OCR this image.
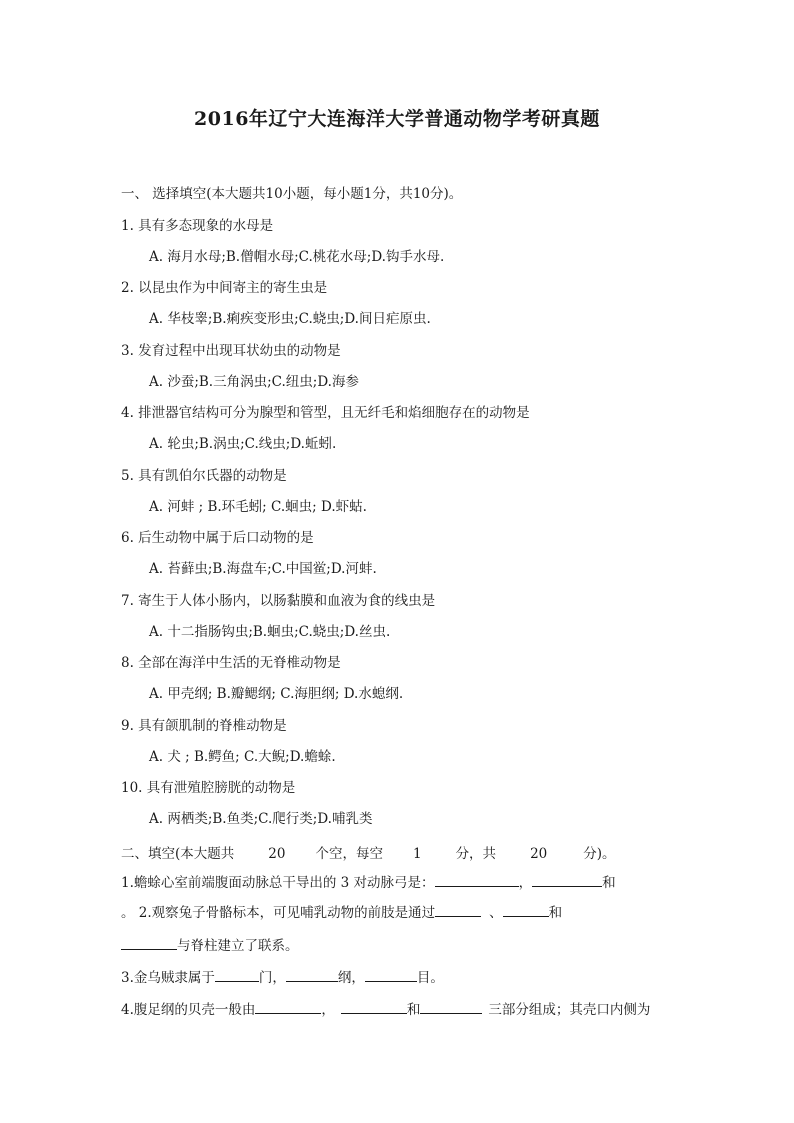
2016年辽宁大连海洋大学普通动物学考研真题
一、 选择填空(本大题共10小题，每小题1分，共10分)。
1. 具有多态现象的水母是
A. 海月水母;B.僧帽水母;C.桃花水母;D.钩手水母.
2. 以昆虫作为中间寄主的寄生虫是
A. 华枝睾;B.痢疾变形虫;C.蛲虫;D.间日疟原虫.
3. 发育过程中出现耳状幼虫的动物是
A. 沙蚕;B.三角涡虫;C.纽虫;D.海参
4. 排泄器官结构可分为腺型和管型，且无纤毛和焰细胞存在的动物是
A. 轮虫;B.涡虫;C.线虫;D.蚯蚓.
5. 具有凯伯尔氏器的动物是
A. 河蚌 ; B.环毛蚓; C.蛔虫; D.虾蛄.
6. 后生动物中属于后口动物的是
A. 苔藓虫;B.海盘车;C.中国鲎;D.河蚌.
7. 寄生于人体小肠内，以肠黏膜和血液为食的线虫是
A. 十二指肠钩虫;B.蛔虫;C.蛲虫;D.丝虫.
8. 全部在海洋中生活的无脊椎动物是
A. 甲壳纲; B.瓣鳃纲; C.海胆纲; D.水螅纲.
9. 具有颌肌制的脊椎动物是
A. 犬 ; B.鳄鱼; C.大鲵;D.蟾蜍.
10. 具有泄殖腔膀胱的动物是
A. 两栖类;B.鱼类;C.爬行类;D.哺乳类
二、填空(本大题共	20 个空，每空 1	分，共	20	分)。
1.蟾蜍心室前端腹面动脉总干导出的 3 对动脉弓是：	，	和
。 2.观察兔子骨骼标本，可见哺乳动物的前肢是通过	、	和
与脊柱建立了联系。
3.金乌贼隶属于	门，	纲，	目。
4.腹足纲的贝壳一般由	，	和	三部分组成；其壳口内侧为
